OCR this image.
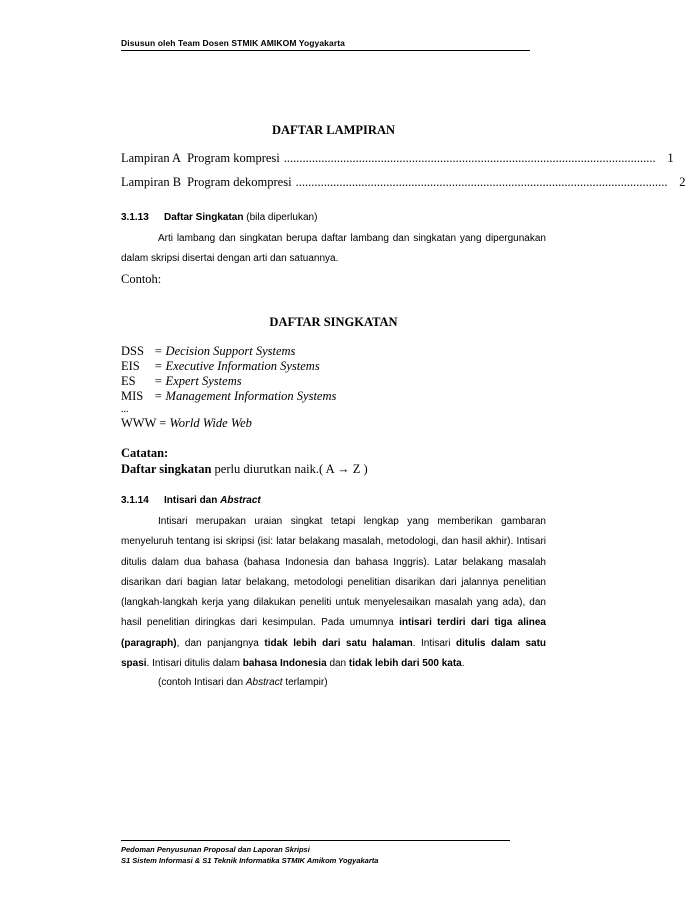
Disusun oleh Team Dosen STMIK AMIKOM Yogyakarta
DAFTAR LAMPIRAN
Lampiran A Program kompresi ....................................................................................................................... 1
Lampiran B Program dekompresi ....................................................................................................................... 2
3.1.13 Daftar Singkatan (bila diperlukan)
Arti lambang dan singkatan berupa daftar lambang dan singkatan yang dipergunakan dalam skripsi disertai dengan arti dan satuannya.
Contoh:
DAFTAR SINGKATAN
DSS = Decision Support Systems
EIS = Executive Information Systems
ES = Expert Systems
MIS = Management Information Systems
...
WWW = World Wide Web
Catatan:
Daftar singkatan perlu diurutkan naik.( A → Z )
3.1.14 Intisari dan Abstract
Intisari merupakan uraian singkat tetapi lengkap yang memberikan gambaran menyeluruh tentang isi skripsi (isi: latar belakang masalah, metodologi, dan hasil akhir). Intisari ditulis dalam dua bahasa (bahasa Indonesia dan bahasa Inggris). Latar belakang masalah disarikan dari bagian latar belakang, metodologi penelitian disarikan dari jalannya penelitian (langkah-langkah kerja yang dilakukan peneliti untuk menyelesaikan masalah yang ada), dan hasil penelitian diringkas dari kesimpulan. Pada umumnya intisari terdiri dari tiga alinea (paragraph), dan panjangnya tidak lebih dari satu halaman. Intisari ditulis dalam satu spasi. Intisari ditulis dalam bahasa Indonesia dan tidak lebih dari 500 kata.
(contoh Intisari dan Abstract terlampir)
Pedoman Penyusunan Proposal dan Laporan Skripsi
S1 Sistem Informasi & S1 Teknik Informatika STMIK Amikom Yogyakarta
